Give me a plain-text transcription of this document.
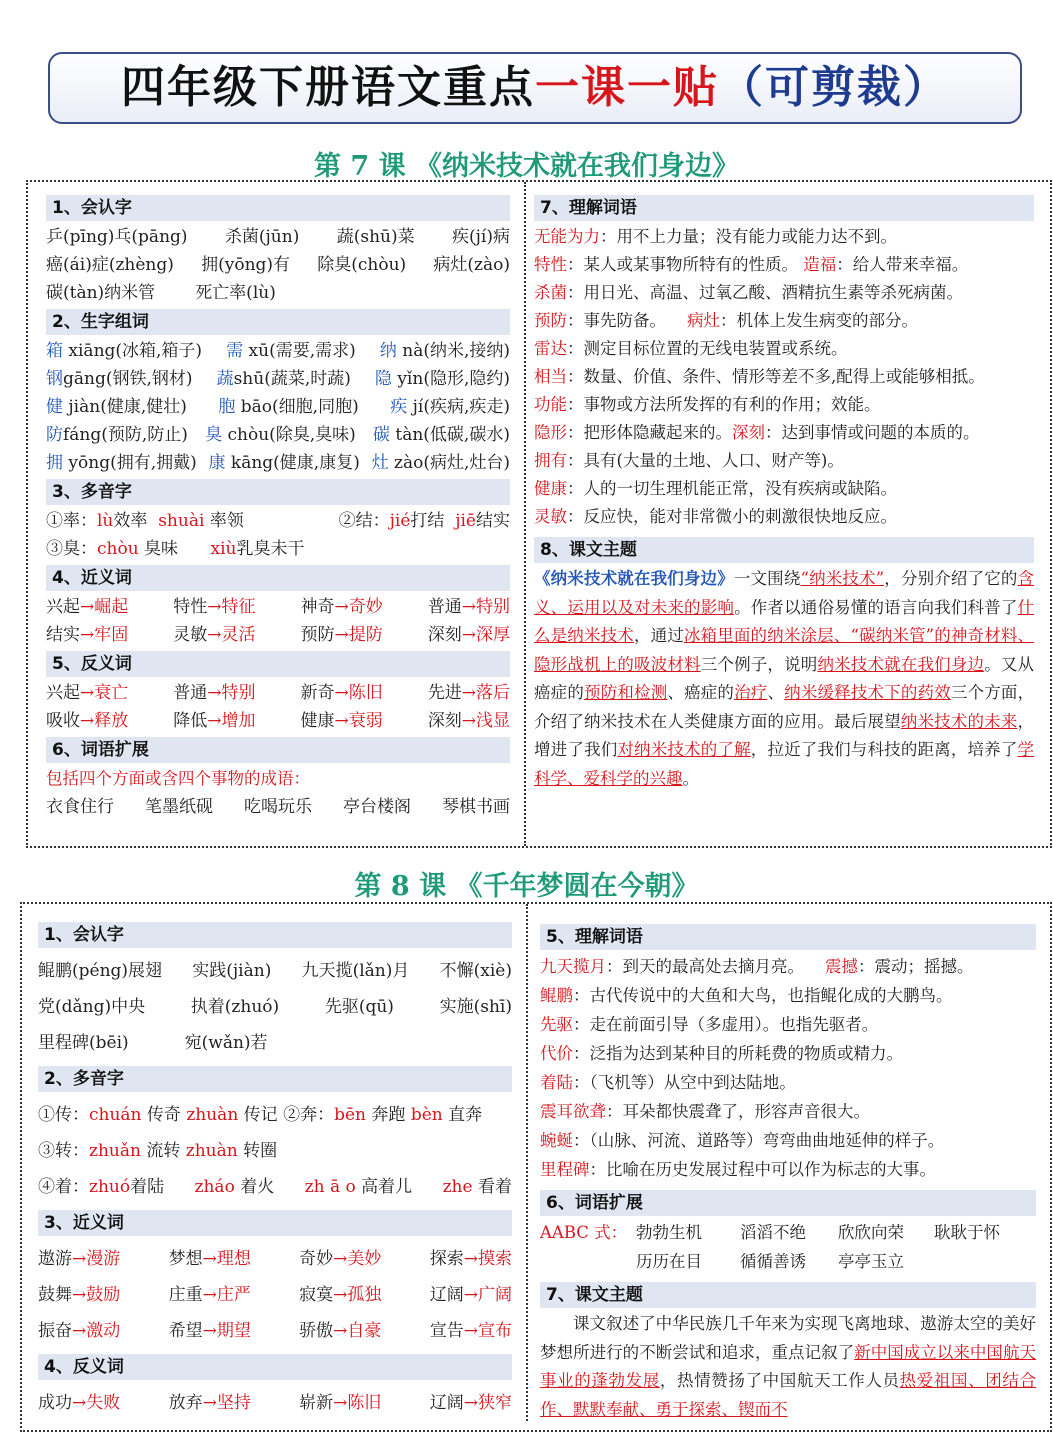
四年级下册语文重点一课一贴（可剪裁）
第 7 课 《纳米技术就在我们身边》
1、会认字
乒(pīng)乓(pāng) 杀菌(jūn) 蔬(shū)菜 疾(jí)病
癌(ái)症(zhèng) 拥(yōng)有 除臭(chòu) 病灶(zào)
碳(tàn)纳米管 死亡率(lù)
2、生字组词
箱 xiāng(冰箱,箱子) 需 xū(需要,需求) 纳 nà(纳米,接纳)
钢gāng(钢铁,钢材) 蔬shū(蔬菜,时蔬) 隐 yǐn(隐形,隐约)
健 jiàn(健康,健壮) 胞 bāo(细胞,同胞) 疾 jí(疾病,疾走)
防fáng(预防,防止) 臭 chòu(除臭,臭味) 碳 tàn(低碳,碳水)
拥 yōng(拥有,拥戴) 康 kāng(健康,康复) 灶 zào(病灶,灶台)
3、多音字
①率：lù效率 shuài 率领	②结：jié打结 jiē结实
③臭：chòu 臭味 xiù乳臭未干
4、近义词
兴起→崛起	特性→特征	神奇→奇妙	普通→特别
结实→牢固	灵敏→灵活	预防→提防	深刻→深厚
5、反义词
兴起→衰亡	普通→特别	新奇→陈旧	先进→落后
吸收→释放	降低→增加	健康→衰弱	深刻→浅显
6、词语扩展
包括四个方面或含四个事物的成语：
衣食住行 笔墨纸砚 吃喝玩乐 亭台楼阁 琴棋书画
7、理解词语
无能为力：用不上力量；没有能力或能力达不到。
特性：某人或某事物所特有的性质。 造福：给人带来幸福。
杀菌：用日光、高温、过氧乙酸、酒精抗生素等杀死病菌。
预防：事先防备。    病灶：机体上发生病变的部分。
雷达：测定目标位置的无线电装置或系统。
相当：数量、价值、条件、情形等差不多,配得上或能够相抵。
功能：事物或方法所发挥的有利的作用；效能。
隐形：把形体隐藏起来的。深刻：达到事情或问题的本质的。
拥有：具有(大量的土地、人口、财产等)。
健康：人的一切生理机能正常，没有疾病或缺陷。
灵敏：反应快，能对非常微小的刺激很快地反应。
8、课文主题
《纳米技术就在我们身边》一文围绕“纳米技术”，分别介绍了它的含义、运用以及对未来的影响。作者以通俗易懂的语言向我们科普了什么是纳米技术，通过冰箱里面的纳米涂层、“碳纳米管”的神奇材料、隐形战机上的吸波材料三个例子，说明纳米技术就在我们身边。又从癌症的预防和检测、癌症的治疗、纳米缓释技术下的药效三个方面，介绍了纳米技术在人类健康方面的应用。最后展望纳米技术的未来，增进了我们对纳米技术的了解，拉近了我们与科技的距离，培养了学科学、爱科学的兴趣。
第 8 课 《千年梦圆在今朝》
1、会认字
鲲鹏(péng)展翅 实践(jiàn) 九天揽(lǎn)月 不懈(xiè)
党(dǎng)中央	执着(zhuó)	先驱(qū)	实施(shī)
里程碑(bēi)	宛(wǎn)若
2、多音字
①传：chuán 传奇 zhuàn 传记 ②奔：bēn 奔跑 bèn 直奔
③转：zhuǎn 流转 zhuàn 转圈
④着：zhuó着陆 zháo 着火 zh ā o 高着儿 zhe 看着
3、近义词
遨游→漫游	梦想→理想	奇妙→美妙	探索→摸索
鼓舞→鼓励	庄重→庄严	寂寞→孤独	辽阔→广阔
振奋→激动	希望→期望	骄傲→自豪	宣告→宣布
4、反义词
成功→失败	放弃→坚持	崭新→陈旧	辽阔→狭窄
5、理解词语
九天揽月：到天的最高处去摘月亮。    震撼：震动；摇撼。
鲲鹏：古代传说中的大鱼和大鸟，也指鲲化成的大鹏鸟。
先驱：走在前面引导（多虚用）。也指先驱者。
代价：泛指为达到某种目的所耗费的物质或精力。
着陆：（飞机等）从空中到达陆地。
震耳欲聋：耳朵都快震聋了，形容声音很大。
蜿蜒：（山脉、河流、道路等）弯弯曲曲地延伸的样子。
里程碑：比喻在历史发展过程中可以作为标志的大事。
6、词语扩展
AABC 式： 勃勃生机	滔滔不绝	欣欣向荣	耿耿于怀
历历在目	循循善诱	亭亭玉立
7、课文主题
课文叙述了中华民族几千年来为实现飞离地球、遨游太空的美好梦想所进行的不断尝试和追求，重点记叙了新中国成立以来中国航天事业的蓬勃发展，热情赞扬了中国航天工作人员热爱祖国、团结合作、默默奉献、勇于探索、锲而不
